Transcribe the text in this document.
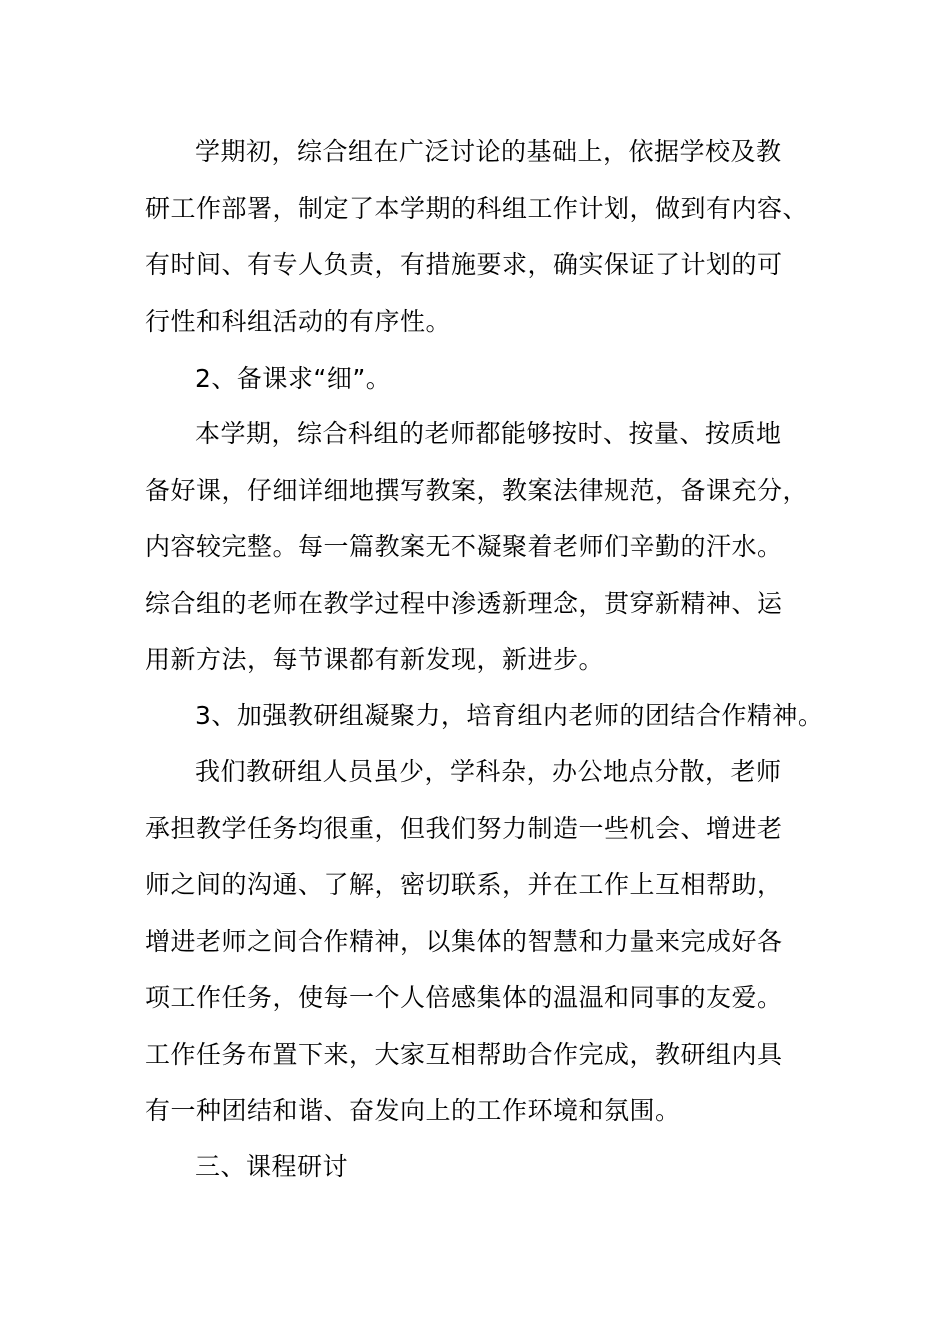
学期初，综合组在广泛讨论的基础上，依据学校及教
研工作部署，制定了本学期的科组工作计划，做到有内容、
有时间、有专人负责，有措施要求，确实保证了计划的可
行性和科组活动的有序性。
2、备课求“细”。
本学期，综合科组的老师都能够按时、按量、按质地
备好课，仔细详细地撰写教案，教案法律规范，备课充分，
内容较完整。每一篇教案无不凝聚着老师们辛勤的汗水。
综合组的老师在教学过程中渗透新理念，贯穿新精神、运
用新方法，每节课都有新发现，新进步。
3、加强教研组凝聚力，培育组内老师的团结合作精神。
我们教研组人员虽少，学科杂，办公地点分散，老师
承担教学任务均很重，但我们努力制造一些机会、增进老
师之间的沟通、了解，密切联系，并在工作上互相帮助，
增进老师之间合作精神，以集体的智慧和力量来完成好各
项工作任务，使每一个人倍感集体的温温和同事的友爱。
工作任务布置下来，大家互相帮助合作完成，教研组内具
有一种团结和谐、奋发向上的工作环境和氛围。
三、课程研讨
